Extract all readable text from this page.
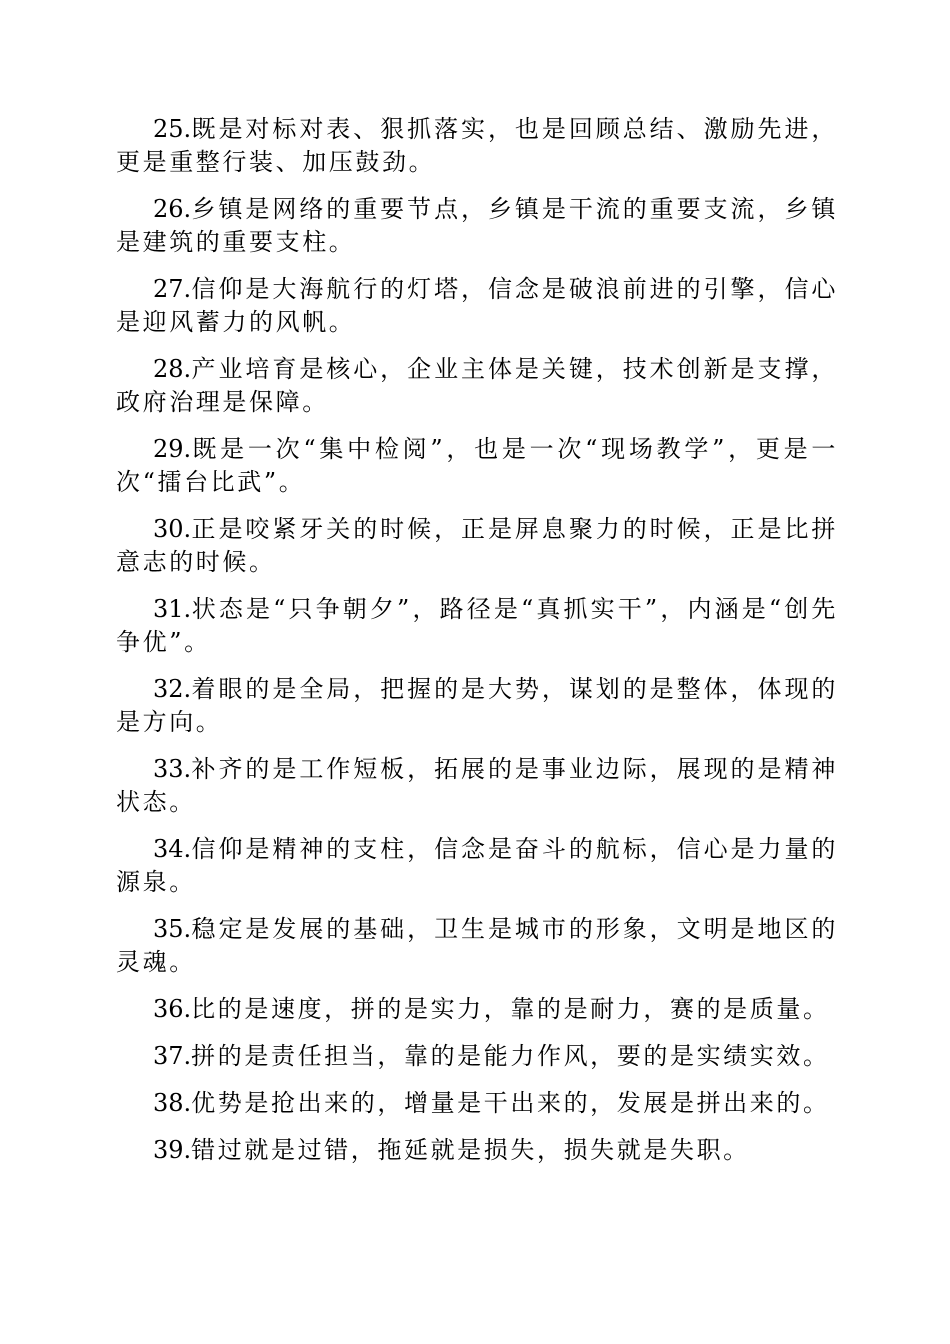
25.既是对标对表、狠抓落实，也是回顾总结、激励先进，更是重整行装、加压鼓劲。

26.乡镇是网络的重要节点，乡镇是干流的重要支流，乡镇是建筑的重要支柱。

27.信仰是大海航行的灯塔，信念是破浪前进的引擎，信心是迎风蓄力的风帆。

28.产业培育是核心，企业主体是关键，技术创新是支撑，政府治理是保障。

29.既是一次“集中检阅”，也是一次“现场教学”，更是一次“擂台比武”。

30.正是咬紧牙关的时候，正是屏息聚力的时候，正是比拼意志的时候。

31.状态是“只争朝夕”，路径是“真抓实干”，内涵是“创先争优”。

32.着眼的是全局，把握的是大势，谋划的是整体，体现的是方向。

33.补齐的是工作短板，拓展的是事业边际，展现的是精神状态。

34.信仰是精神的支柱，信念是奋斗的航标，信心是力量的源泉。

35.稳定是发展的基础，卫生是城市的形象，文明是地区的灵魂。

36.比的是速度，拼的是实力，靠的是耐力，赛的是质量。

37.拼的是责任担当，靠的是能力作风，要的是实绩实效。

38.优势是抢出来的，增量是干出来的，发展是拼出来的。

39.错过就是过错，拖延就是损失，损失就是失职。
